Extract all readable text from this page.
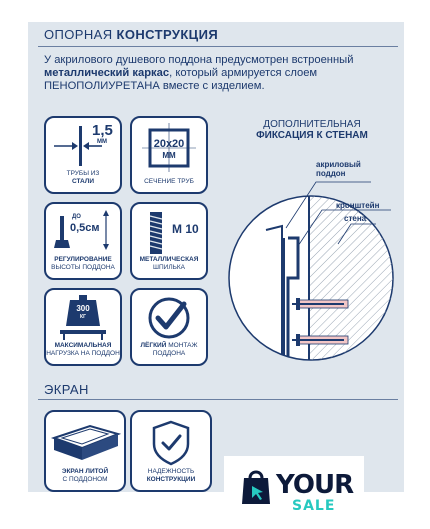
ОПОРНАЯ КОНСТРУКЦИЯ
У акрилового душевого поддона предусмотрен встроенный металлический каркас, который армируется слоем ПЕНОПОЛИУРЕТАНА вместе с изделием.
1,5
ММ
ТРУБЫ ИЗ
СТАЛИ
20x20
ММ
СЕЧЕНИЕ ТРУБ
ДО
0,5см
РЕГУЛИРОВАНИЕ
ВЫСОТЫ ПОДДОНА
М 10
МЕТАЛЛИЧЕСКАЯ
ШПИЛЬКА
300
КГ
МАКСИМАЛЬНАЯ
НАГРУЗКА НА ПОДДОН
ЛЁГКИЙ МОНТАЖ ПОДДОНА
ДОПОЛНИТЕЛЬНАЯ
ФИКСАЦИЯ К СТЕНАМ
акриловый
поддон
кронштейн
стена
ЭКРАН
ЭКРАН ЛИТОЙ
С ПОДДОНОМ
НАДЕЖНОСТЬ
КОНСТРУКЦИИ	YOUR
SALE
